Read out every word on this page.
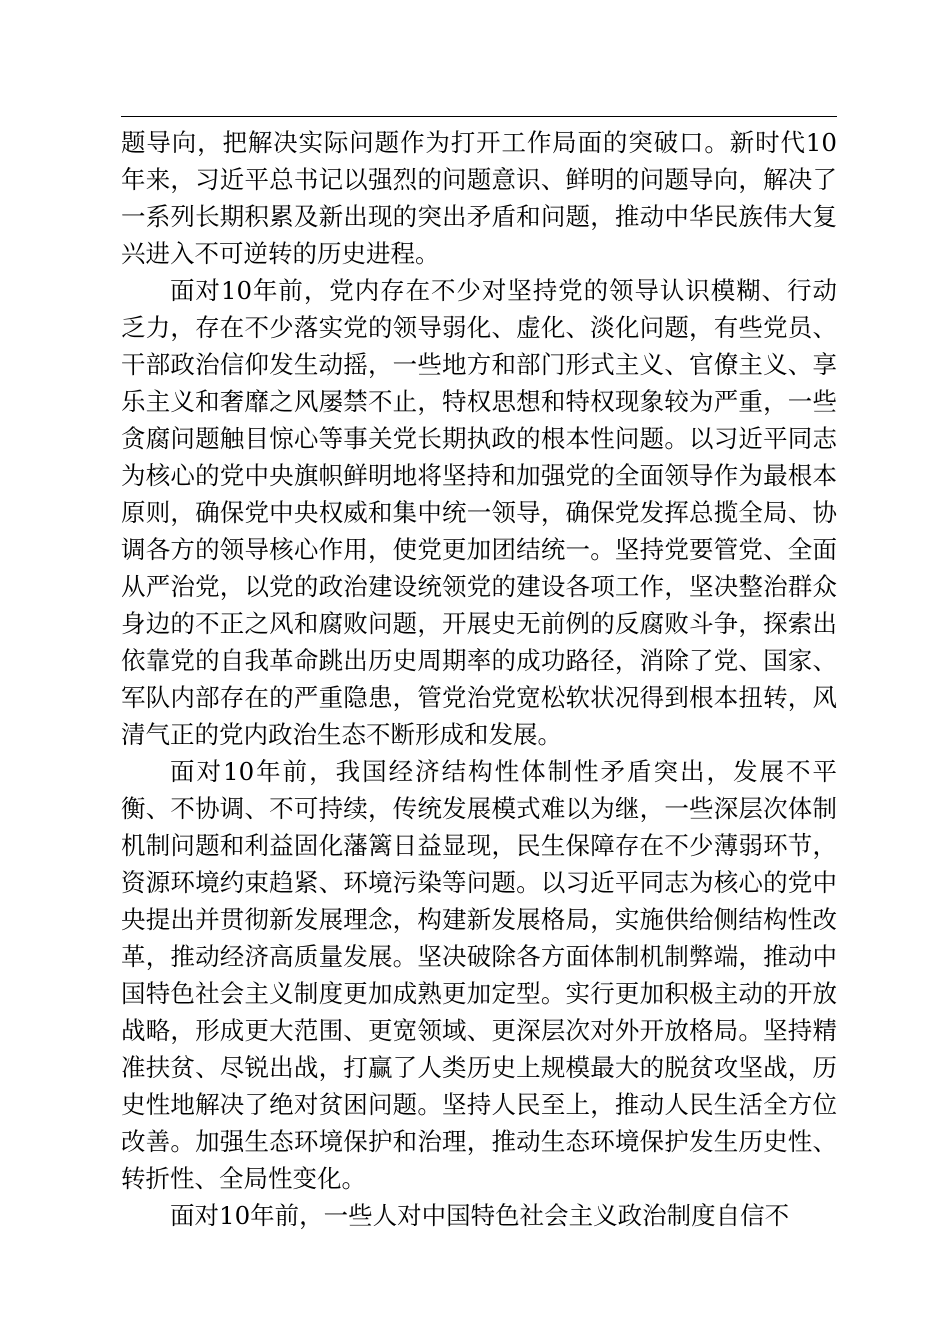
题导向，把解决实际问题作为打开工作局面的突破口。新时代10年来，习近平总书记以强烈的问题意识、鲜明的问题导向，解决了一系列长期积累及新出现的突出矛盾和问题，推动中华民族伟大复兴进入不可逆转的历史进程。

面对10年前，党内存在不少对坚持党的领导认识模糊、行动乏力，存在不少落实党的领导弱化、虚化、淡化问题，有些党员、干部政治信仰发生动摇，一些地方和部门形式主义、官僚主义、享乐主义和奢靡之风屡禁不止，特权思想和特权现象较为严重，一些贪腐问题触目惊心等事关党长期执政的根本性问题。以习近平同志为核心的党中央旗帜鲜明地将坚持和加强党的全面领导作为最根本原则，确保党中央权威和集中统一领导，确保党发挥总揽全局、协调各方的领导核心作用，使党更加团结统一。坚持党要管党、全面从严治党，以党的政治建设统领党的建设各项工作，坚决整治群众身边的不正之风和腐败问题，开展史无前例的反腐败斗争，探索出依靠党的自我革命跳出历史周期率的成功路径，消除了党、国家、军队内部存在的严重隐患，管党治党宽松软状况得到根本扭转，风清气正的党内政治生态不断形成和发展。

面对10年前，我国经济结构性体制性矛盾突出，发展不平衡、不协调、不可持续，传统发展模式难以为继，一些深层次体制机制问题和利益固化藩篱日益显现，民生保障存在不少薄弱环节，资源环境约束趋紧、环境污染等问题。以习近平同志为核心的党中央提出并贯彻新发展理念，构建新发展格局，实施供给侧结构性改革，推动经济高质量发展。坚决破除各方面体制机制弊端，推动中国特色社会主义制度更加成熟更加定型。实行更加积极主动的开放战略，形成更大范围、更宽领域、更深层次对外开放格局。坚持精准扶贫、尽锐出战，打赢了人类历史上规模最大的脱贫攻坚战，历史性地解决了绝对贫困问题。坚持人民至上，推动人民生活全方位改善。加强生态环境保护和治理，推动生态环境保护发生历史性、转折性、全局性变化。

面对10年前，一些人对中国特色社会主义政治制度自信不
